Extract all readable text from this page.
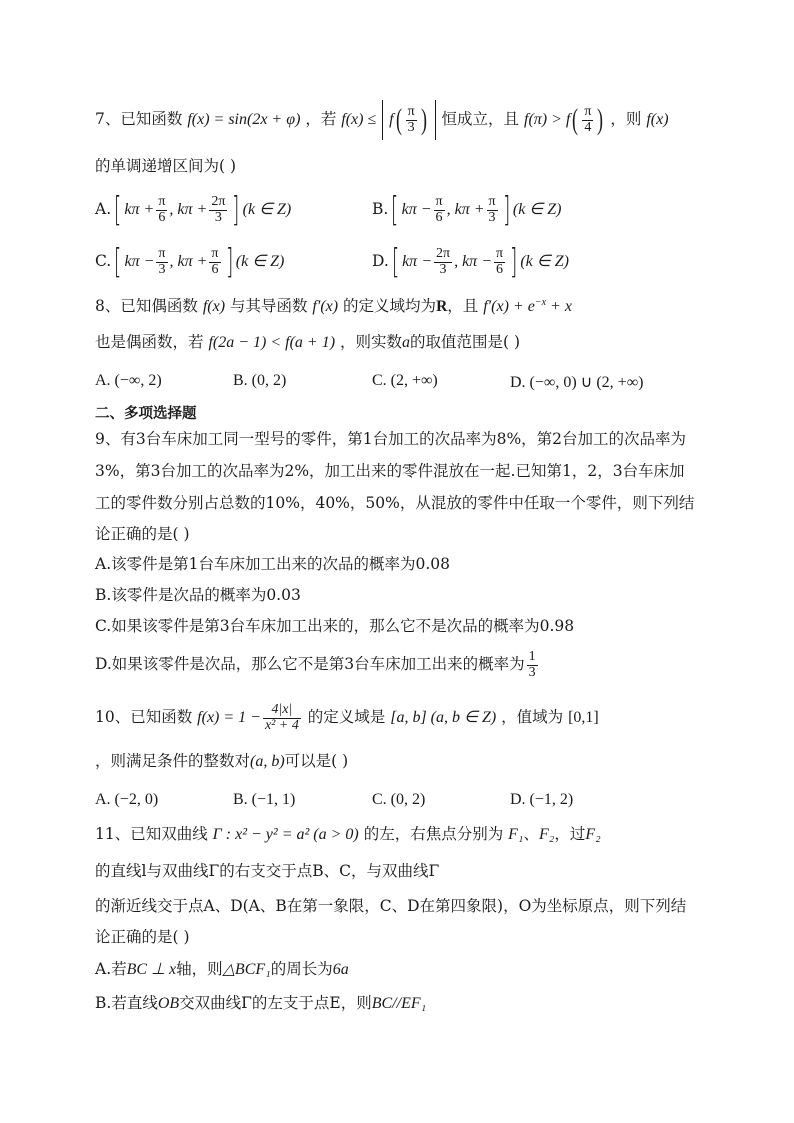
7、已知函数 f(x) = sin(2x + φ) ，若 $f(x) \le f( \frac{\pi}{3}$ ) 恒成立，且 $f(\pi) > f( \frac{\pi}{4}$ ) ，则 f(x)
的单调递增区间为( )
A.[ $k\pi + \frac{\pi}{6}$ , $k\pi + \frac{2\pi}{3}$ ] (k ∈ Z)	B.[ $k\pi - \frac{\pi}{6}$ , $k\pi + \frac{\pi}{3}$ ] (k ∈ Z)
C.[ $k\pi - \frac{\pi}{3}$ , $k\pi + \frac{\pi}{6}$ ] (k ∈ Z)	D.[ $k\pi - \frac{2\pi}{3}$ , $k\pi - \frac{\pi}{6}$ ] (k ∈ Z)
8、已知偶函数 f(x) 与其导函数 f′(x) 的定义域均为R，且 $f'(x) + e^{-x} + x$
也是偶函数，若 f(2a − 1) < f(a + 1) ，则实数a的取值范围是( )
A. (−∞, 2)	B. (0, 2)	C. (2, +∞)	D. (−∞, 0) ∪ (2, +∞)
二、多项选择题
9、有3台车床加工同一型号的零件，第1台加工的次品率为8%，第2台加工的次品率为
3%，第3台加工的次品率为2%，加工出来的零件混放在一起.已知第1，2，3台车床加
工的零件数分别占总数的10%，40%，50%，从混放的零件中任取一个零件，则下列结
论正确的是( )
A.该零件是第1台车床加工出来的次品的概率为0.08
B.该零件是次品的概率为0.03
C.如果该零件是第3台车床加工出来的，那么它不是次品的概率为0.98
D.如果该零件是次品，那么它不是第3台车床加工出来的概率为 $\frac{1}{3}$
10、已知函数 $f(x) = 1 - \frac{4|x|}{\text{x² + 4}}$ 的定义域是 [a, b] (a, b ∈ Z) ，值域为 [0,1]
，则满足条件的整数对(a, b)可以是( )
A. (−2, 0)	B. (−1, 1)	C. (0, 2)	D. (−1, 2)
11、已知双曲线 Γ : x² − y² = a² (a > 0) 的左，右焦点分别为 F₁、F₂，过F₂
的直线l与双曲线Γ的右支交于点B、C，与双曲线Γ
的渐近线交于点A、D(A、B在第一象限，C、D在第四象限)，O为坐标原点，则下列结
论正确的是( )
A.若BC ⊥ x轴，则△BCF₁的周长为6a
B.若直线OB交双曲线Γ的左支于点E，则BC//EF₁
